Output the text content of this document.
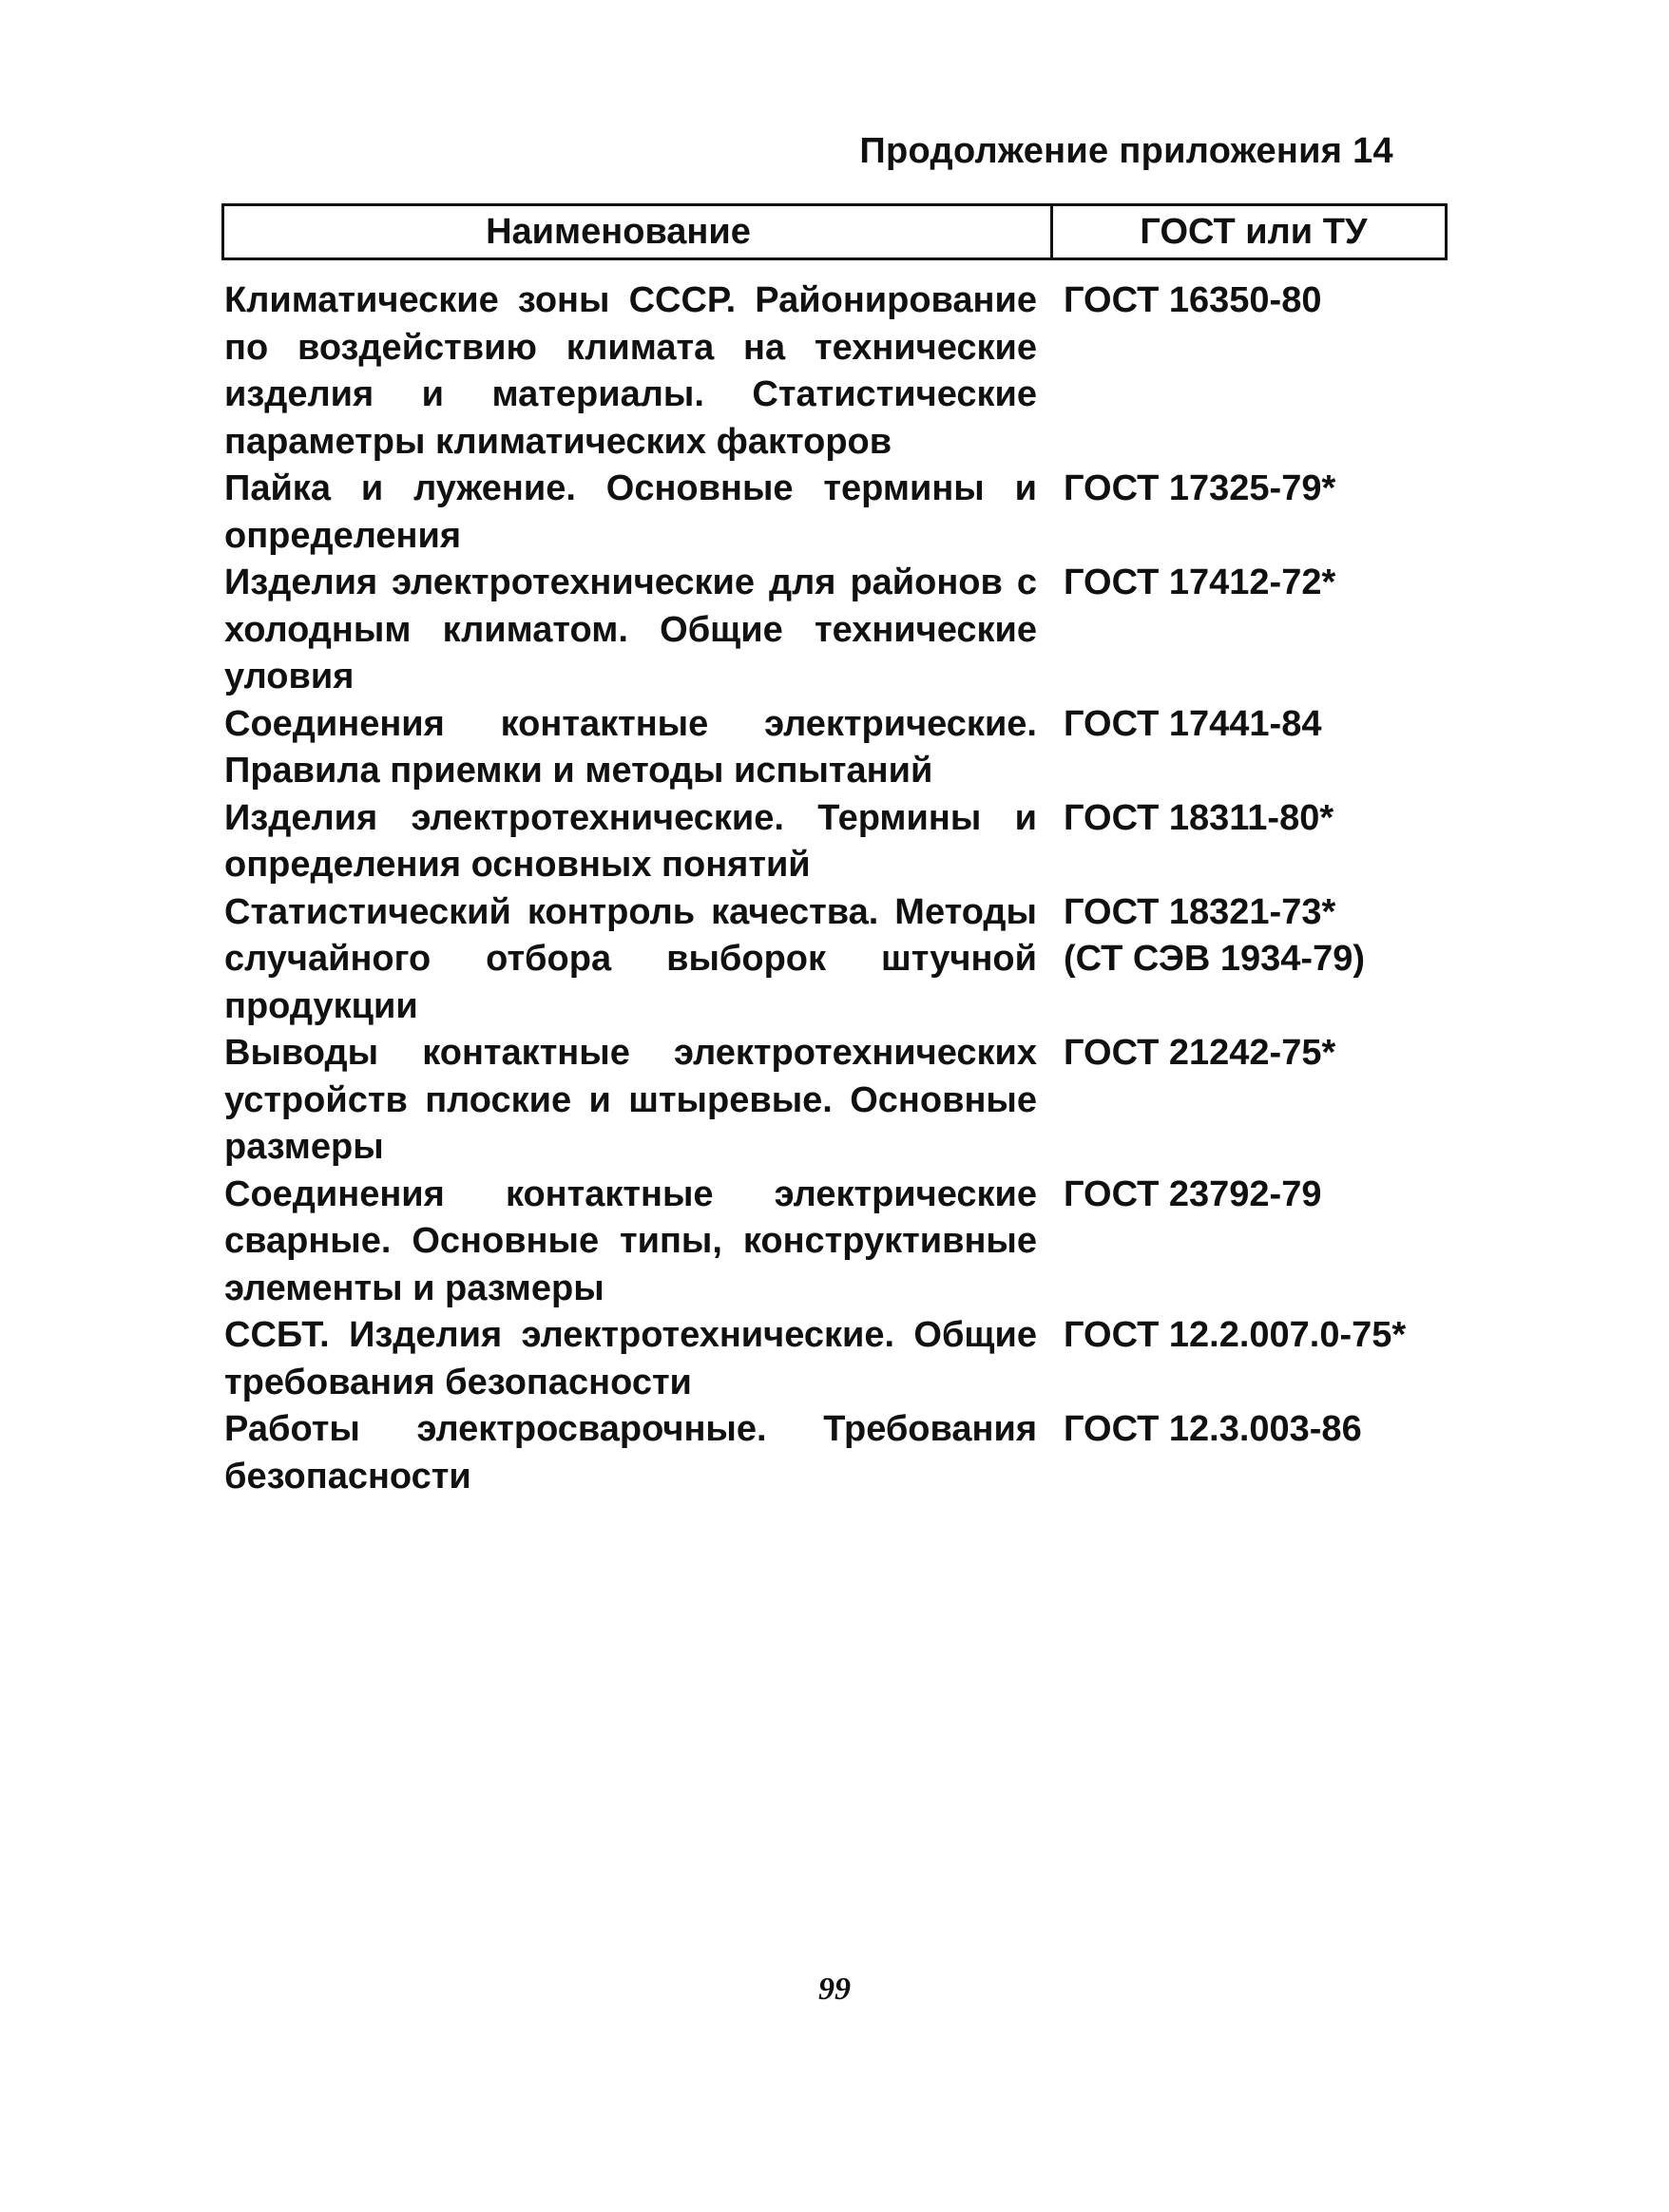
Продолжение приложения 14
Наименование	ГОСТ или ТУ
Климатические зоны СССР. Районирование по воздействию климата на технические изделия и материалы. Статистические параметры климатических факторов
ГОСТ 16350-80
Пайка и лужение. Основные термины и определения
ГОСТ 17325-79*
Изделия электротехнические для районов с холодным климатом. Общие технические уловия
ГОСТ 17412-72*
Соединения контактные электрические. Правила приемки и методы испытаний
ГОСТ 17441-84
Изделия электротехнические. Термины и определения основных понятий
ГОСТ 18311-80*
Статистический контроль качества. Методы случайного отбора выборок штучной продукции
ГОСТ 18321-73*
(СТ СЭВ 1934-79)
Выводы контактные электротехнических устройств плоские и штыревые. Основные размеры
ГОСТ 21242-75*
Соединения контактные электрические сварные. Основные типы, конструктивные элементы и размеры
ГОСТ 23792-79
ССБТ. Изделия электротехнические. Общие требования безопасности
ГОСТ 12.2.007.0-75*
Работы электросварочные. Требования безопасности
ГОСТ 12.3.003-86
99
